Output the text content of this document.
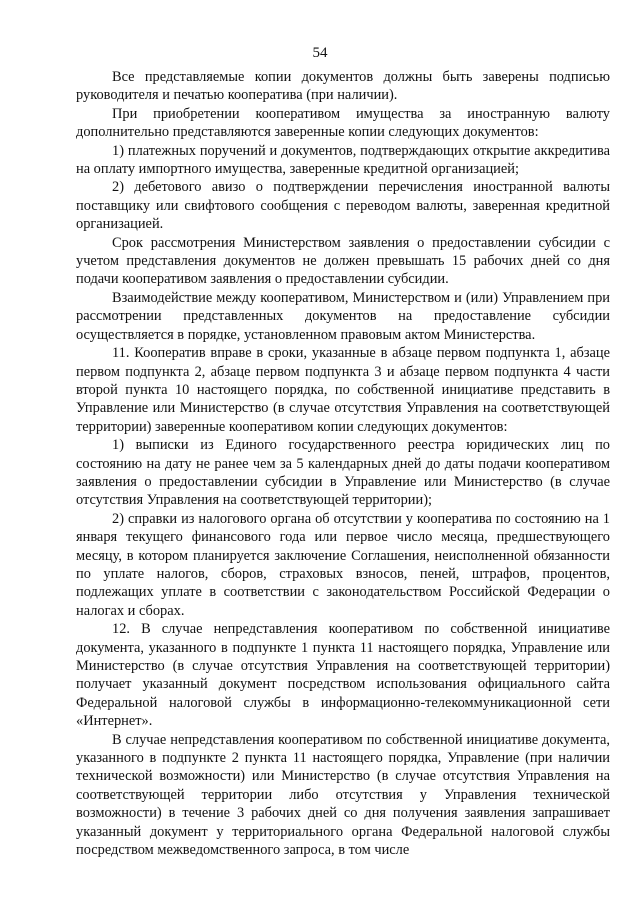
54

Все представляемые копии документов должны быть заверены подписью руководителя и печатью кооператива (при наличии).

При приобретении кооперативом имущества за иностранную валюту дополнительно представляются заверенные копии следующих документов:

1) платежных поручений и документов, подтверждающих открытие аккредитива на оплату импортного имущества, заверенные кредитной организацией;

2) дебетового авизо о подтверждении перечисления иностранной валюты поставщику или свифтового сообщения с переводом валюты, заверенная кредитной организацией.

Срок рассмотрения Министерством заявления о предоставлении субсидии с учетом представления документов не должен превышать 15 рабочих дней со дня подачи кооперативом заявления о предоставлении субсидии.

Взаимодействие между кооперативом, Министерством и (или) Управлением при рассмотрении представленных документов на предоставление субсидии осуществляется в порядке, установленном правовым актом Министерства.

11. Кооператив вправе в сроки, указанные в абзаце первом подпункта 1, абзаце первом подпункта 2, абзаце первом подпункта 3 и абзаце первом подпункта 4 части второй пункта 10 настоящего порядка, по собственной инициативе представить в Управление или Министерство (в случае отсутствия Управления на соответствующей территории) заверенные кооперативом копии следующих документов:

1) выписки из Единого государственного реестра юридических лиц по состоянию на дату не ранее чем за 5 календарных дней до даты подачи кооперативом заявления о предоставлении субсидии в Управление или Министерство (в случае отсутствия Управления на соответствующей территории);

2) справки из налогового органа об отсутствии у кооператива по состоянию на 1 января текущего финансового года или первое число месяца, предшествующего месяцу, в котором планируется заключение Соглашения, неисполненной обязанности по уплате налогов, сборов, страховых взносов, пеней, штрафов, процентов, подлежащих уплате в соответствии с законодательством Российской Федерации о налогах и сборах.

12. В случае непредставления кооперативом по собственной инициативе документа, указанного в подпункте 1 пункта 11 настоящего порядка, Управление или Министерство (в случае отсутствия Управления на соответствующей территории) получает указанный документ посредством использования официального сайта Федеральной налоговой службы в информационно-телекоммуникационной сети «Интернет».

В случае непредставления кооперативом по собственной инициативе документа, указанного в подпункте 2 пункта 11 настоящего порядка, Управление (при наличии технической возможности) или Министерство (в случае отсутствия Управления на соответствующей территории либо отсутствия у Управления технической возможности) в течение 3 рабочих дней со дня получения заявления запрашивает указанный документ у территориального органа Федеральной налоговой службы посредством межведомственного запроса, в том числе
